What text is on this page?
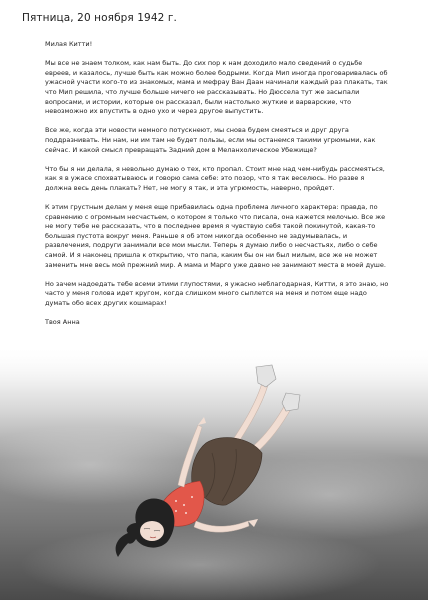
Пятница, 20 ноября 1942 г.

Милая Китти!

Мы все не знаем толком, как нам быть. До сих пор к нам доходило мало сведений о судьбе евреев, и казалось, лучше быть как можно более бодрыми. Когда Мип иногда проговаривалась об ужасной участи кого-то из знакомых, мама и мефрау Ван Даан начинали каждый раз плакать, так что Мип решила, что лучше больше ничего не рассказывать. Но Дюссела тут же засыпали вопросами, и истории, которые он рассказал, были настолько жуткие и варварские, что невозможно их впустить в одно ухо и через другое выпустить.

Все же, когда эти новости немного потускнеют, мы снова будем смеяться и друг друга поддразнивать. Ни нам, ни им там не будет пользы, если мы останемся такими угрюмыми, как сейчас. И какой смысл превращать Задний дом в Меланхолическое Убежище?

Что бы я ни делала, я невольно думаю о тех, кто пропал. Стоит мне над чем-нибудь рассмеяться, как я в ужасе спохватываюсь и говорю сама себе: это позор, что я так веселюсь. Но разве я должна весь день плакать? Нет, не могу я так, и эта угрюмость, наверно, пройдет.

К этим грустным делам у меня еще прибавилась одна проблема личного характера: правда, по сравнению с огромным несчастьем, о котором я только что писала, она кажется мелочью. Все же не могу тебе не рассказать, что в последнее время я чувствую себя такой покинутой, какая-то большая пустота вокруг меня. Раньше я об этом никогда особенно не задумывалась, и развлечения, подруги занимали все мои мысли. Теперь я думаю либо о несчастьях, либо о себе самой. И я наконец пришла к открытию, что папа, каким бы он ни был милым, все же не может заменить мне весь мой прежний мир. А мама и Марго уже давно не занимают места в моей душе.

Но зачем надоедать тебе всеми этими глупостями, я ужасно неблагодарная, Китти, я это знаю, но часто у меня голова идет кругом, когда слишком много сыплется на меня и потом еще надо думать обо всех других кошмарах!

Твоя Анна
